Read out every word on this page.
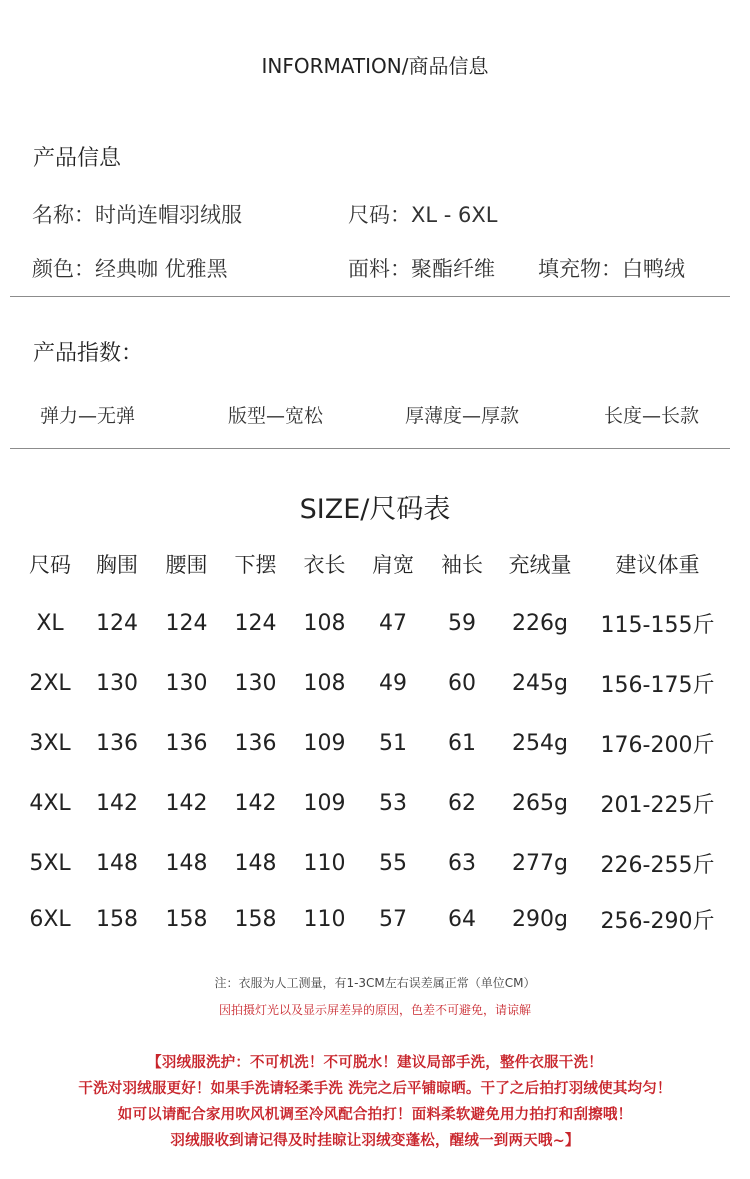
INFORMATION/商品信息
产品信息
名称：时尚连帽羽绒服	尺码：XL - 6XL
颜色：经典咖 优雅黑	面料：聚酯纤维 填充物：白鸭绒
产品指数：
弹力—无弹	版型—宽松	厚薄度—厚款	长度—长款
SIZE/尺码表
尺码	胸围	腰围	下摆	衣长	肩宽	袖长	充绒量	建议体重
XL	124	124	124	108	47	59	226g	115-155斤
2XL	130	130	130	108	49	60	245g	156-175斤
3XL	136	136	136	109	51	61	254g	176-200斤
4XL	142	142	142	109	53	62	265g	201-225斤
5XL	148	148	148	110	55	63	277g	226-255斤
6XL	158	158	158	110	57	64	290g	256-290斤
注：衣服为人工测量，有1-3CM左右误差属正常（单位CM）
因拍摄灯光以及显示屏差异的原因，色差不可避免，请谅解
【羽绒服洗护：不可机洗！不可脱水！建议局部手洗，整件衣服干洗！
干洗对羽绒服更好！如果手洗请轻柔手洗 洗完之后平铺晾晒。干了之后拍打羽绒使其均匀！
如可以请配合家用吹风机调至冷风配合拍打！面料柔软避免用力拍打和刮擦哦！
羽绒服收到请记得及时挂晾让羽绒变蓬松，醒绒一到两天哦~】
